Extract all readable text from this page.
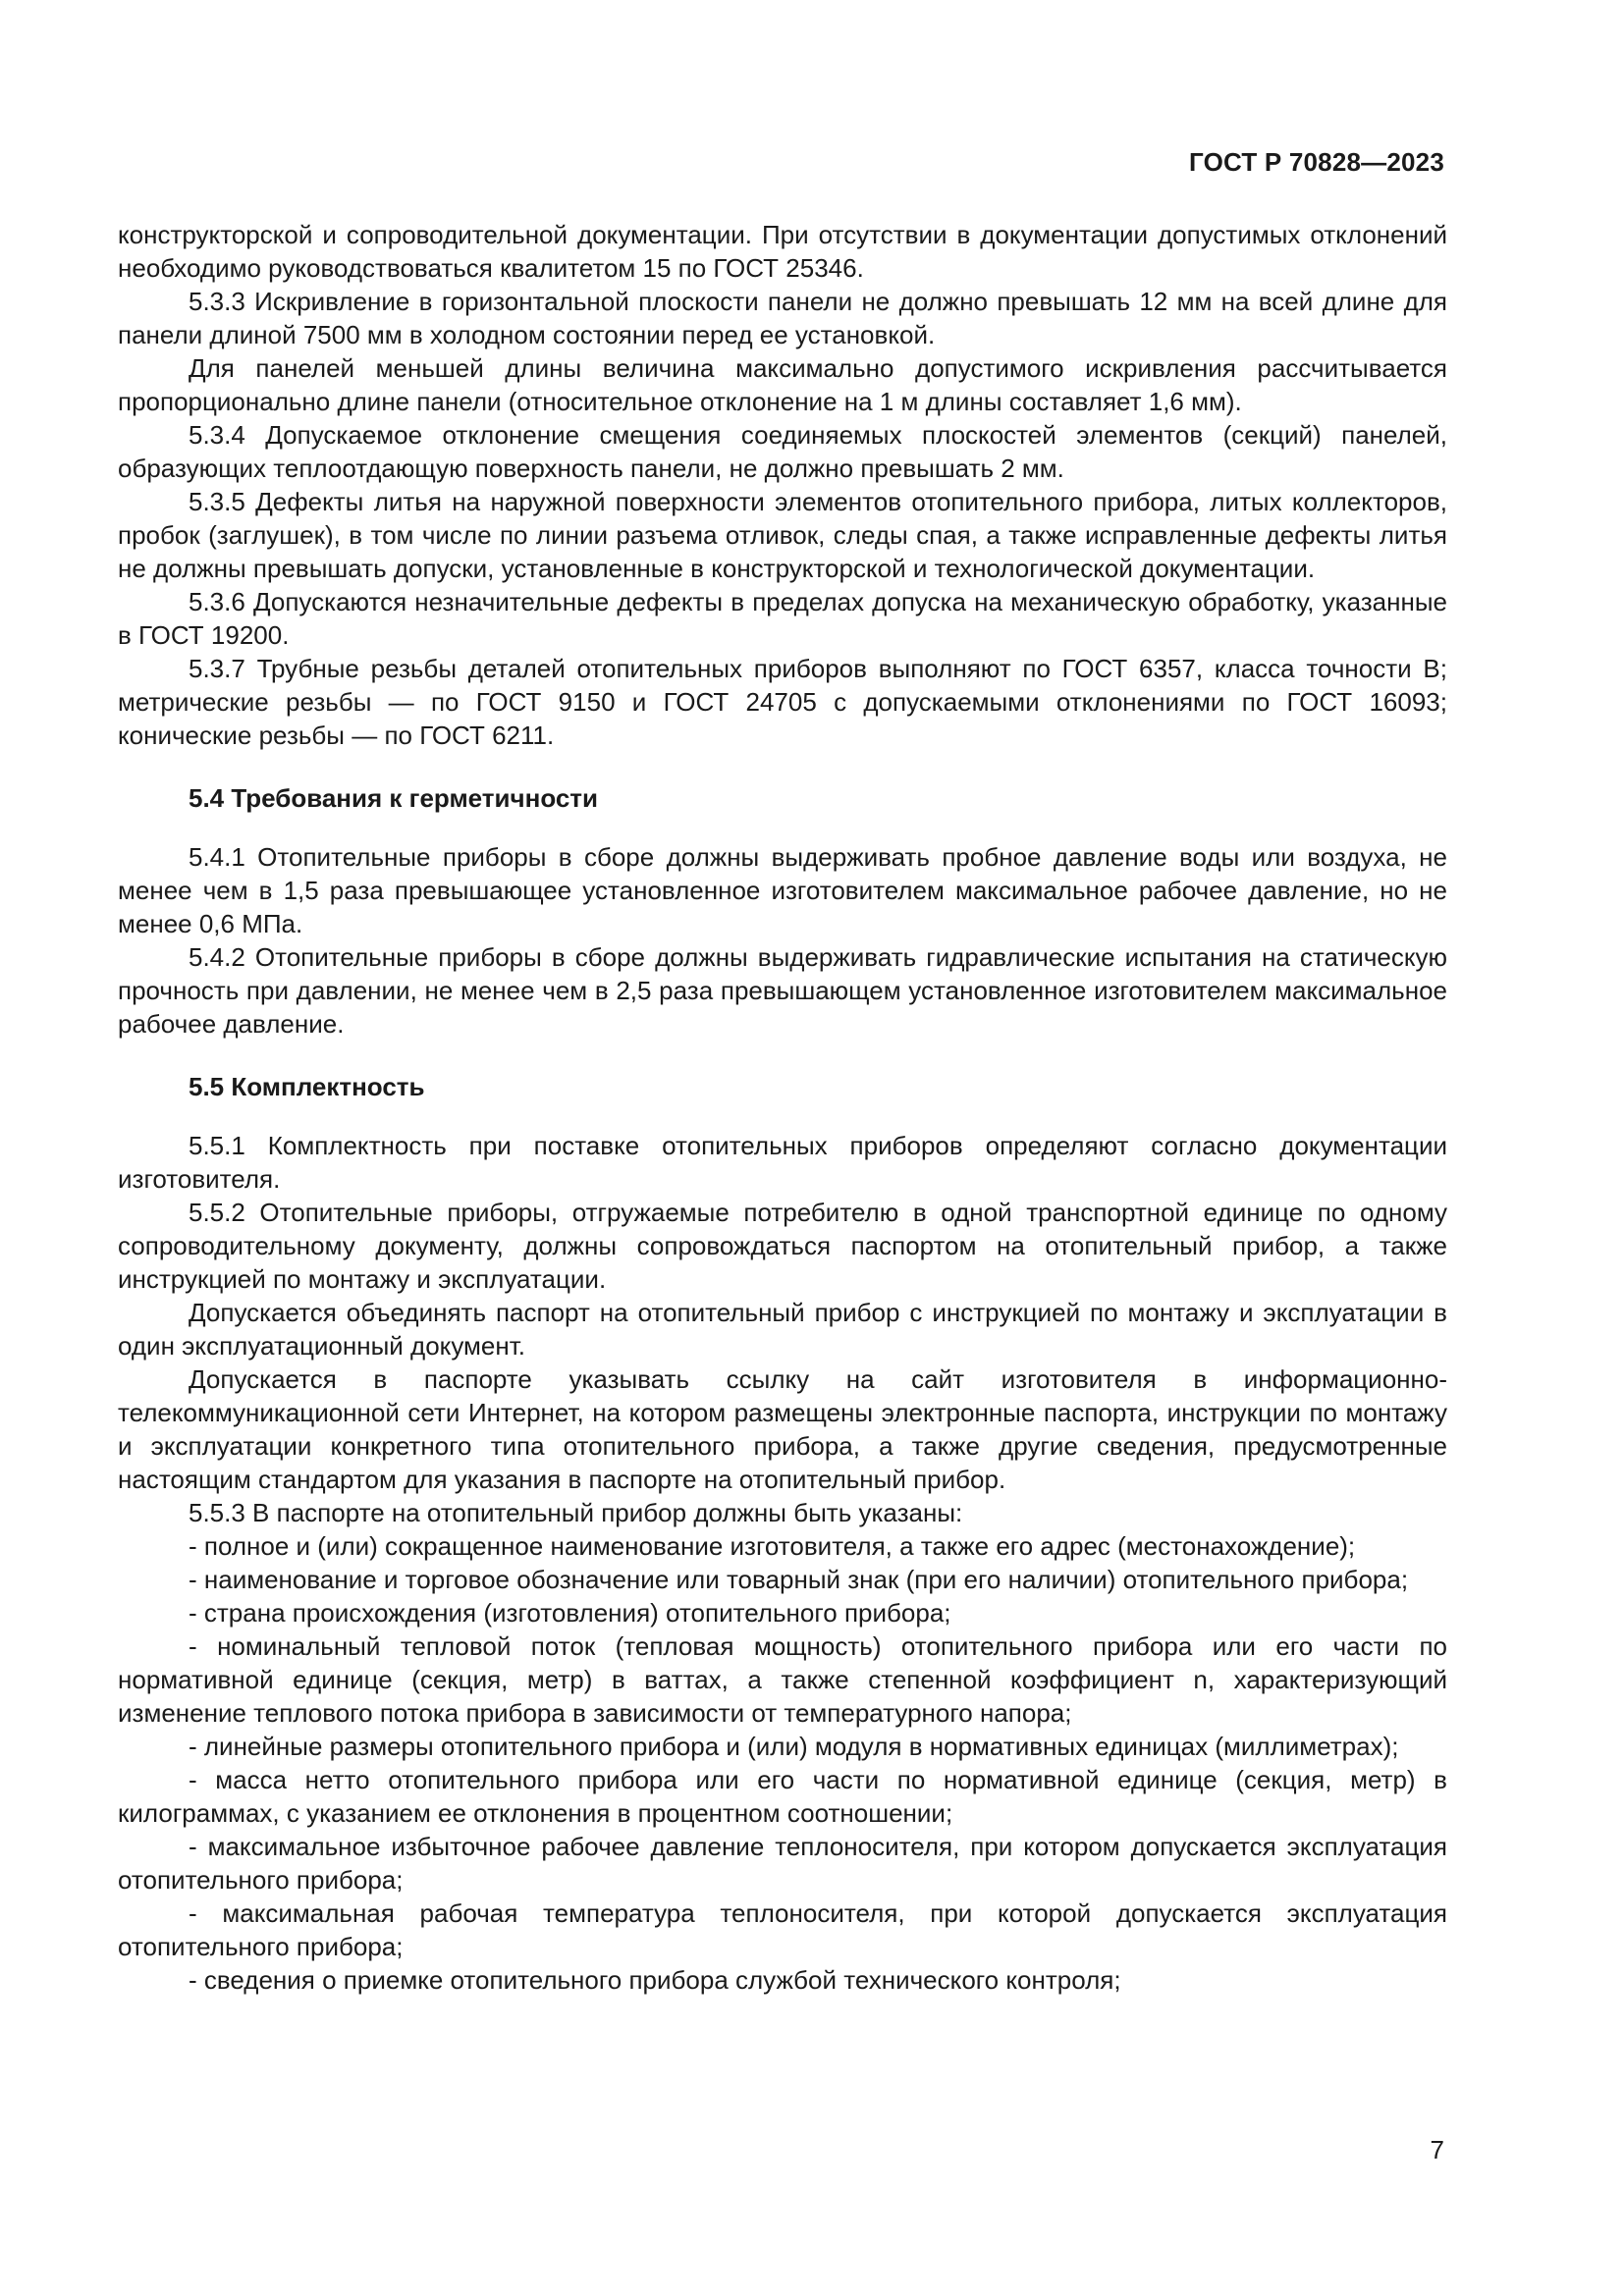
ГОСТ Р 70828—2023

конструкторской и сопроводительной документации. При отсутствии в документации допустимых отклонений необходимо руководствоваться квалитетом 15 по ГОСТ 25346.

5.3.3 Искривление в горизонтальной плоскости панели не должно превышать 12 мм на всей длине для панели длиной 7500 мм в холодном состоянии перед ее установкой.

Для панелей меньшей длины величина максимально допустимого искривления рассчитывается пропорционально длине панели (относительное отклонение на 1 м длины составляет 1,6 мм).

5.3.4 Допускаемое отклонение смещения соединяемых плоскостей элементов (секций) панелей, образующих теплоотдающую поверхность панели, не должно превышать 2 мм.

5.3.5 Дефекты литья на наружной поверхности элементов отопительного прибора, литых коллекторов, пробок (заглушек), в том числе по линии разъема отливок, следы спая, а также исправленные дефекты литья не должны превышать допуски, установленные в конструкторской и технологической документации.

5.3.6 Допускаются незначительные дефекты в пределах допуска на механическую обработку, указанные в ГОСТ 19200.

5.3.7 Трубные резьбы деталей отопительных приборов выполняют по ГОСТ 6357, класса точности В; метрические резьбы — по ГОСТ 9150 и ГОСТ 24705 с допускаемыми отклонениями по ГОСТ 16093; конические резьбы — по ГОСТ 6211.

5.4 Требования к герметичности

5.4.1 Отопительные приборы в сборе должны выдерживать пробное давление воды или воздуха, не менее чем в 1,5 раза превышающее установленное изготовителем максимальное рабочее давление, но не менее 0,6 МПа.

5.4.2 Отопительные приборы в сборе должны выдерживать гидравлические испытания на статическую прочность при давлении, не менее чем в 2,5 раза превышающем установленное изготовителем максимальное рабочее давление.

5.5 Комплектность

5.5.1 Комплектность при поставке отопительных приборов определяют согласно документации изготовителя.

5.5.2 Отопительные приборы, отгружаемые потребителю в одной транспортной единице по одному сопроводительному документу, должны сопровождаться паспортом на отопительный прибор, а также инструкцией по монтажу и эксплуатации.

Допускается объединять паспорт на отопительный прибор с инструкцией по монтажу и эксплуатации в один эксплуатационный документ.

Допускается в паспорте указывать ссылку на сайт изготовителя в информационно-телекоммуникационной сети Интернет, на котором размещены электронные паспорта, инструкции по монтажу и эксплуатации конкретного типа отопительного прибора, а также другие сведения, предусмотренные настоящим стандартом для указания в паспорте на отопительный прибор.

5.5.3 В паспорте на отопительный прибор должны быть указаны:

- полное и (или) сокращенное наименование изготовителя, а также его адрес (местонахождение);

- наименование и торговое обозначение или товарный знак (при его наличии) отопительного прибора;

- страна происхождения (изготовления) отопительного прибора;

- номинальный тепловой поток (тепловая мощность) отопительного прибора или его части по нормативной единице (секция, метр) в ваттах, а также степенной коэффициент n, характеризующий изменение теплового потока прибора в зависимости от температурного напора;

- линейные размеры отопительного прибора и (или) модуля в нормативных единицах (миллиметрах);

- масса нетто отопительного прибора или его части по нормативной единице (секция, метр) в килограммах, с указанием ее отклонения в процентном соотношении;

- максимальное избыточное рабочее давление теплоносителя, при котором допускается эксплуатация отопительного прибора;

- максимальная рабочая температура теплоносителя, при которой допускается эксплуатация отопительного прибора;

- сведения о приемке отопительного прибора службой технического контроля;

7
